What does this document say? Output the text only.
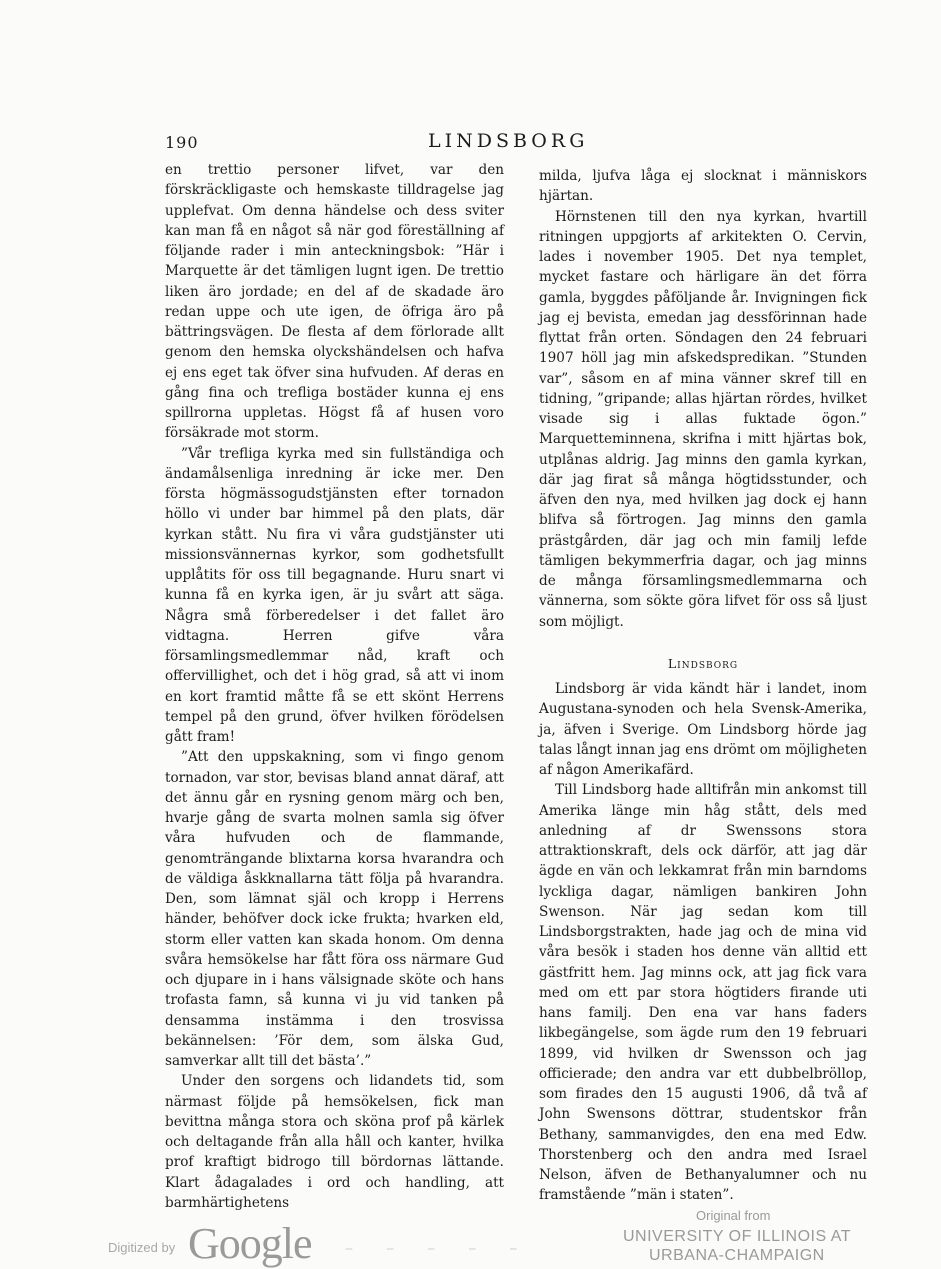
190	LINDSBORG

en trettio personer lifvet, var den förskräckligaste och hemskaste tilldragelse jag upplefvat. Om denna händelse och dess sviter kan man få en något så när god föreställning af följande rader i min anteckningsbok: ”Här i Marquette är det tämligen lugnt igen. De trettio liken äro jordade; en del af de skadade äro redan uppe och ute igen, de öfriga äro på bättringsvägen. De flesta af dem förlorade allt genom den hemska olyckshändelsen och hafva ej ens eget tak öfver sina hufvuden. Af deras en gång fina och trefliga bostäder kunna ej ens spillrorna uppletas. Högst få af husen voro försäkrade mot storm.

”Vår trefliga kyrka med sin fullständiga och ändamålsenliga inredning är icke mer. Den första högmässogudstjänsten efter tornadon höllo vi under bar himmel på den plats, där kyrkan stått. Nu fira vi våra gudstjänster uti missionsvännernas kyrkor, som godhetsfullt upplåtits för oss till begagnande. Huru snart vi kunna få en kyrka igen, är ju svårt att säga. Några små förberedelser i det fallet äro vidtagna. Herren gifve våra församlingsmedlemmar nåd, kraft och offervillighet, och det i hög grad, så att vi inom en kort framtid måtte få se ett skönt Herrens tempel på den grund, öfver hvilken förödelsen gått fram!

”Att den uppskakning, som vi fingo genom tornadon, var stor, bevisas bland annat däraf, att det ännu går en rysning genom märg och ben, hvarje gång de svarta molnen samla sig öfver våra hufvuden och de flammande, genomträngande blixtarna korsa hvarandra och de väldiga åskknallarna tätt följa på hvarandra. Den, som lämnat själ och kropp i Herrens händer, behöfver dock icke frukta; hvarken eld, storm eller vatten kan skada honom. Om denna svåra hemsökelse har fått föra oss närmare Gud och djupare in i hans välsignade sköte och hans trofasta famn, så kunna vi ju vid tanken på densamma instämma i den trosvissa bekännelsen: ’För dem, som älska Gud, samverkar allt till det bästa’.”

Under den sorgens och lidandets tid, som närmast följde på hemsökelsen, fick man bevittna många stora och sköna prof på kärlek och deltagande från alla håll och kanter, hvilka prof kraftigt bidrogo till bördornas lättande. Klart ådagalades i ord och handling, att barmhärtighetens

milda, ljufva låga ej slocknat i människors hjärtan.

Hörnstenen till den nya kyrkan, hvartill ritningen uppgjorts af arkitekten O. Cervin, lades i november 1905. Det nya templet, mycket fastare och härligare än det förra gamla, byggdes påföljande år. Invigningen fick jag ej bevista, emedan jag dessförinnan hade flyttat från orten. Söndagen den 24 februari 1907 höll jag min afskedspredikan. ”Stunden var”, såsom en af mina vänner skref till en tidning, ”gripande; allas hjärtan rördes, hvilket visade sig i allas fuktade ögon.” Marquetteminnena, skrifna i mitt hjärtas bok, utplånas aldrig. Jag minns den gamla kyrkan, där jag firat så många högtidsstunder, och äfven den nya, med hvilken jag dock ej hann blifva så förtrogen. Jag minns den gamla prästgården, där jag och min familj lefde tämligen bekymmerfria dagar, och jag minns de många församlingsmedlemmarna och vännerna, som sökte göra lifvet för oss så ljust som möjligt.

Lindsborg

Lindsborg är vida kändt här i landet, inom Augustana-synoden och hela Svensk-Amerika, ja, äfven i Sverige. Om Lindsborg hörde jag talas långt innan jag ens drömt om möjligheten af någon Amerikafärd.

Till Lindsborg hade alltifrån min ankomst till Amerika länge min håg stått, dels med anledning af dr Swenssons stora attraktionskraft, dels ock därför, att jag där ägde en vän och lekkamrat från min barndoms lyckliga dagar, nämligen bankiren John Swenson. När jag sedan kom till Lindsborgstrakten, hade jag och de mina vid våra besök i staden hos denne vän alltid ett gästfritt hem. Jag minns ock, att jag fick vara med om ett par stora högtiders firande uti hans familj. Den ena var hans faders likbegängelse, som ägde rum den 19 februari 1899, vid hvilken dr Swensson och jag officierade; den andra var ett dubbelbröllop, som firades den 15 augusti 1906, då två af John Swensons döttrar, studentskor från Bethany, sammanvigdes, den ena med Edw. Thorstenberg och den andra med Israel Nelson, äfven de Bethanyalumner och nu framstående ”män i staten”.

Digitized by Google – – – – –
Original from
UNIVERSITY OF ILLINOIS AT
URBANA-CHAMPAIGN
